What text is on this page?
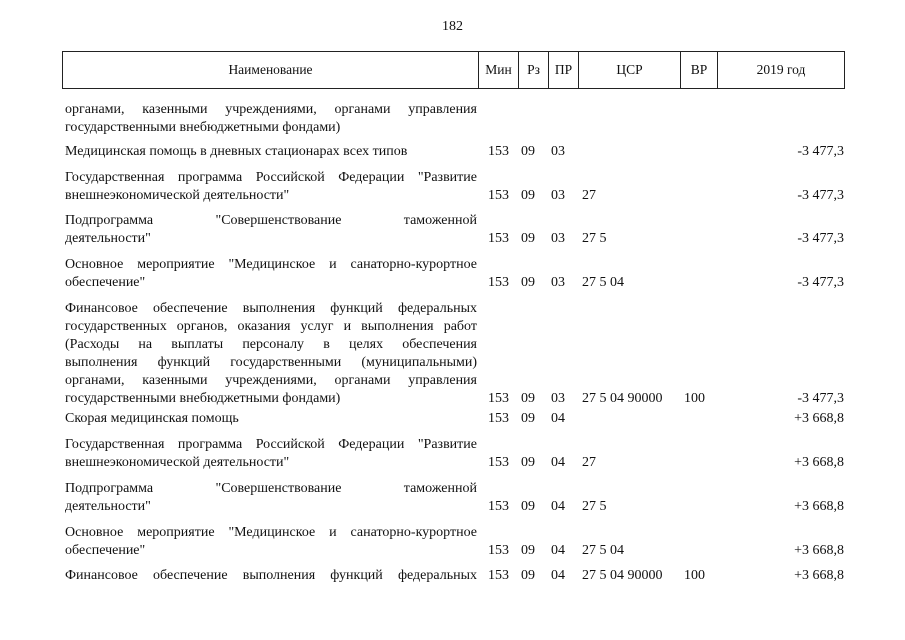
182
Наименование	Мин	Рз	ПР	ЦСР	ВР	2019 год
органами, казенными учреждениями, органами управления
государственными внебюджетными фондами)
Медицинская помощь в дневных стационарах всех типов	153 09 03	-3 477,3
Государственная программа Российской Федерации "Развитие
внешнеэкономической деятельности"	153 09 03 27	-3 477,3
Подпрограмма "Совершенствование таможенной
деятельности"	153 09 03 27 5	-3 477,3
Основное мероприятие "Медицинское и санаторно-курортное
обеспечение"	153 09 03 27 5 04	-3 477,3
Финансовое обеспечение выполнения функций федеральных
государственных органов, оказания услуг и выполнения работ
(Расходы на выплаты персоналу в целях обеспечения
выполнения функций государственными (муниципальными)
органами, казенными учреждениями, органами управления
государственными внебюджетными фондами)	153 09 03 27 5 04 90000 100	-3 477,3
Скорая медицинская помощь	153 09 04	+3 668,8
Государственная программа Российской Федерации "Развитие
внешнеэкономической деятельности"	153 09 04 27	+3 668,8
Подпрограмма "Совершенствование таможенной
деятельности"	153 09 04 27 5	+3 668,8
Основное мероприятие "Медицинское и санаторно-курортное
обеспечение"	153 09 04 27 5 04	+3 668,8
Финансовое обеспечение выполнения функций федеральных 153 09 04 27 5 04 90000 100	+3 668,8
